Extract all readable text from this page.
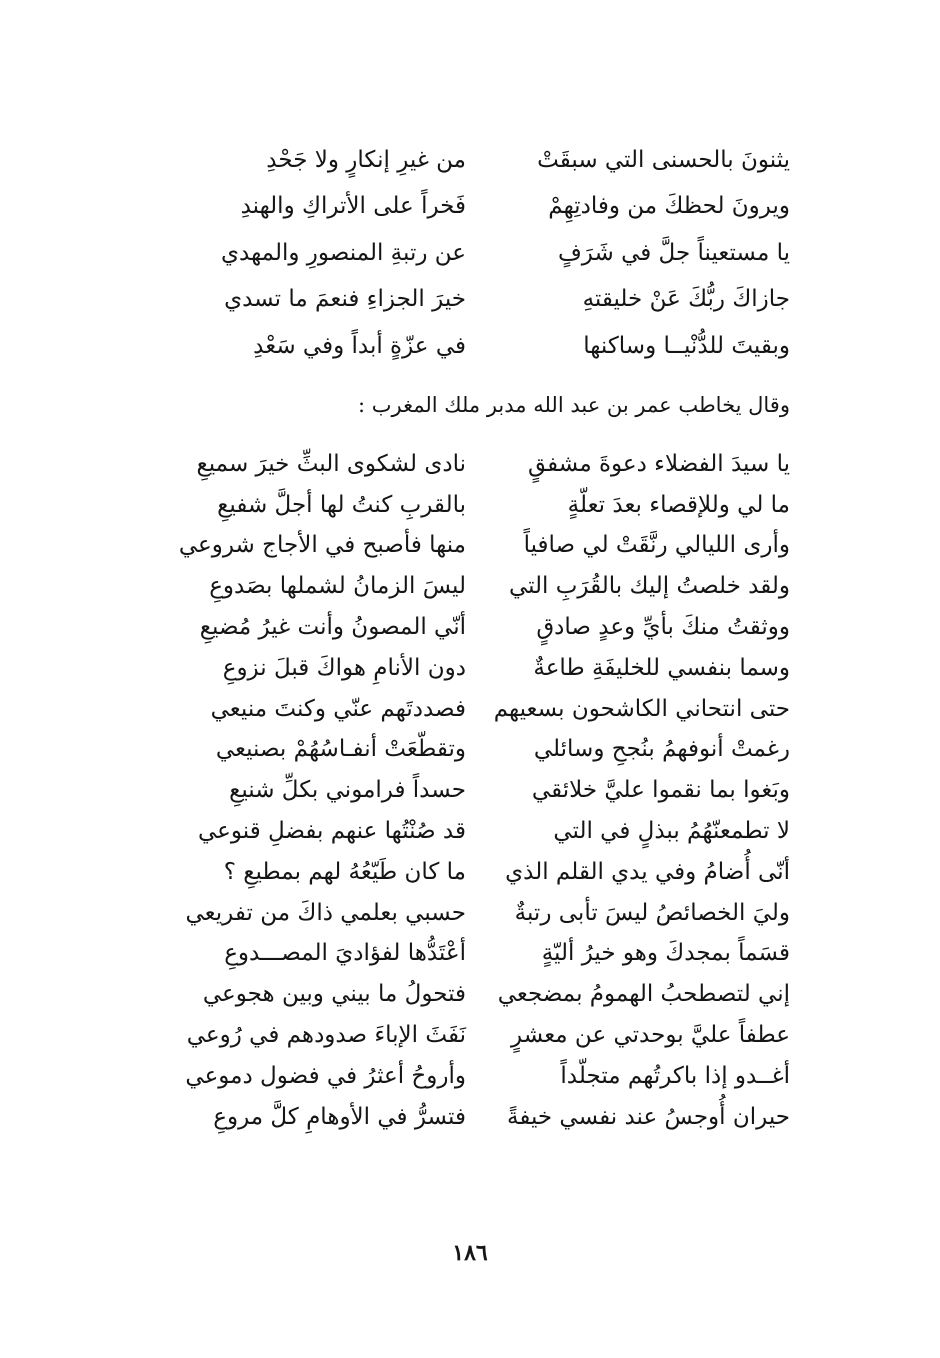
يثنونَ بالحسنى التي سبقَتْ
من غيرِ إنكارٍ ولا جَحْدِ
ويرونَ لحظكَ من وفادتِهِمْ
فَخراً على الأتراكِ والهندِ
يا مستعيناً جلَّ في شَرَفٍ
عن رتبةِ المنصورِ والمهدي
جازاكَ ربُّكَ عَنْ خليقتهِ
خيرَ الجزاءِ فنعمَ ما تسدي
وبقيتَ للدُّنْيــا وساكنها
في عزّةٍ أبداً وفي سَعْدِ
وقال يخاطب عمر بن عبد الله مدبر ملك المغرب :
يا سيدَ الفضلاء دعوةَ مشفقٍ
نادى لشكوى البثِّ خيرَ سميعِ
ما لي وللإقصاء بعدَ تعلّةٍ
بالقربِ كنتُ لها أجلَّ شفيعِ
وأرى الليالي رنَّقَتْ لي صافياً
منها فأصبح في الأجاج شروعي
ولقد خلصتُ إليك بالقُرَبِ التي
ليسَ الزمانُ لشملها بصَدوعِ
ووثقتُ منكَ بأيِّ وعدٍ صادقٍ
أنّي المصونُ وأنت غيرُ مُضيعِ
وسما بنفسي للخليفَةِ طاعةٌ
دون الأنامِ هواكَ قبلَ نزوعِ
حتى انتحاني الكاشحون بسعيهم
فصددتَهم عنّي وكنتَ منيعي
رغمتْ أنوفهمُ بنُجحِ وسائلي
وتقطّعَتْ أنفـاسُهُمْ بصنيعي
وبَغوا بما نقموا عليَّ خلائقي
حسداً فراموني بكلِّ شنيعِ
لا تطمعنّهُمُ ببذلٍ في التي
قد صُنْتُها عنهم بفضلِ قنوعي
أنّى أُضامُ وفي يدي القلم الذي
ما كان طَيّعُهُ لهم بمطيعِ ؟
وليَ الخصائصُ ليسَ تأبى رتبةٌ
حسبي بعلمي ذاكَ من تفريعي
قسَماً بمجدكَ وهو خيرُ أليّةٍ
أعْتَدُّها لفؤاديَ المصـــدوعِ
إني لتصطحبُ الهمومُ بمضجعي
فتحولُ ما بيني وبين هجوعي
عطفاً عليَّ بوحدتي عن معشرٍ
نَفَثَ الإباءَ صدودهم في رُوعي
أغــدو إذا باكرتُهم متجلّداً
وأروحُ أعثرُ في فضول دموعي
حيران أُوجسُ عند نفسي خيفةً
فتسرُّ في الأوهامِ كلَّ مروعِ
١٨٦
